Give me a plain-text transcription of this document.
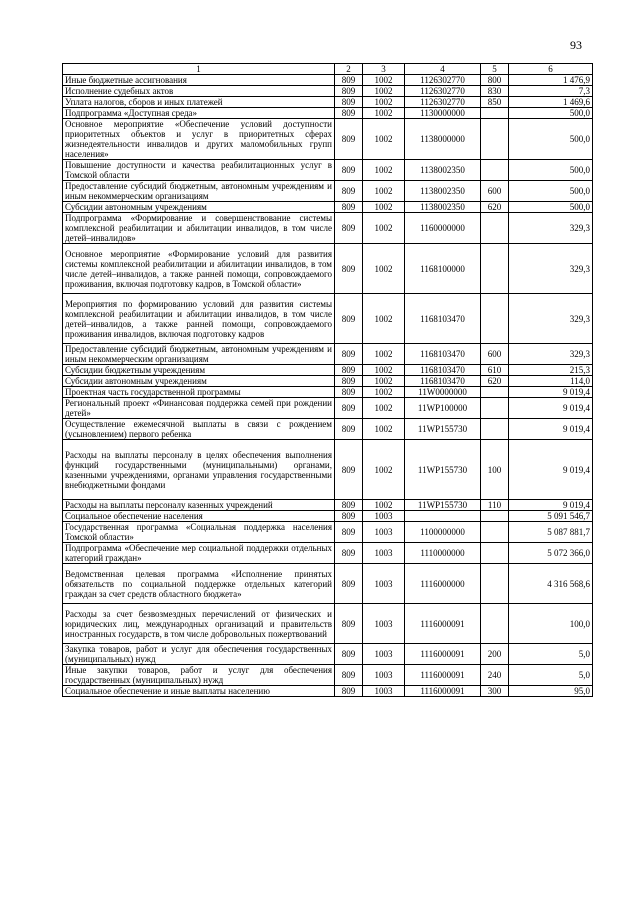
93
1	2	3	4	5	6
Иные бюджетные ассигнования	809	1002	1126302770	800	1 476,9
Исполнение судебных актов	809	1002	1126302770	830	7,3
Уплата налогов, сборов и иных платежей	809	1002	1126302770	850	1 469,6
Подпрограмма «Доступная среда»	809	1002	1130000000		500,0
Основное мероприятие «Обеспечение условий доступности приоритетных объектов и услуг в приоритетных сферах жизнедеятельности инвалидов и других маломобильных групп населения»	809	1002	1138000000		500,0
Повышение доступности и качества реабилитационных услуг в Томской области	809	1002	1138002350		500,0
Предоставление субсидий бюджетным, автономным учреждениям и иным некоммерческим организациям	809	1002	1138002350	600	500,0
Субсидии автономным учреждениям	809	1002	1138002350	620	500,0
Подпрограмма «Формирование и совершенствование системы комплексной реабилитации и абилитации инвалидов, в том числе детей–инвалидов»	809	1002	1160000000		329,3
Основное мероприятие «Формирование условий для развития системы комплексной реабилитации и абилитации инвалидов, в том числе детей–инвалидов, а также ранней помощи, сопровождаемого проживания, включая подготовку кадров, в Томской области»	809	1002	1168100000		329,3
Мероприятия по формированию условий для развития системы комплексной реабилитации и абилитации инвалидов, в том числе детей–инвалидов, а также ранней помощи, сопровождаемого проживания инвалидов, включая подготовку кадров	809	1002	1168103470		329,3
Предоставление субсидий бюджетным, автономным учреждениям и иным некоммерческим организациям	809	1002	1168103470	600	329,3
Субсидии бюджетным учреждениям	809	1002	1168103470	610	215,3
Субсидии автономным учреждениям	809	1002	1168103470	620	114,0
Проектная часть государственной программы	809	1002	11W0000000		9 019,4
Региональный проект «Финансовая поддержка семей при рождении детей»	809	1002	11WP100000		9 019,4
Осуществление ежемесячной выплаты в связи с рождением (усыновлением) первого ребенка	809	1002	11WP155730		9 019,4
Расходы на выплаты персоналу в целях обеспечения выполнения функций государственными (муниципальными) органами, казенными учреждениями, органами управления государственными внебюджетными фондами	809	1002	11WP155730	100	9 019,4
Расходы на выплаты персоналу казенных учреждений	809	1002	11WP155730	110	9 019,4
Социальное обеспечение населения	809	1003			5 091 546,7
Государственная программа «Социальная поддержка населения Томской области»	809	1003	1100000000		5 087 881,7
Подпрограмма «Обеспечение мер социальной поддержки отдельных категорий граждан»	809	1003	1110000000		5 072 366,0
Ведомственная целевая программа «Исполнение принятых обязательств по социальной поддержке отдельных категорий граждан за счет средств областного бюджета»	809	1003	1116000000		4 316 568,6
Расходы за счет безвозмездных перечислений от физических и юридических лиц, международных организаций и правительств иностранных государств, в том числе добровольных пожертвований	809	1003	1116000091		100,0
Закупка товаров, работ и услуг для обеспечения государственных (муниципальных) нужд	809	1003	1116000091	200	5,0
Иные закупки товаров, работ и услуг для обеспечения государственных (муниципальных) нужд	809	1003	1116000091	240	5,0
Социальное обеспечение и иные выплаты населению	809	1003	1116000091	300	95,0
